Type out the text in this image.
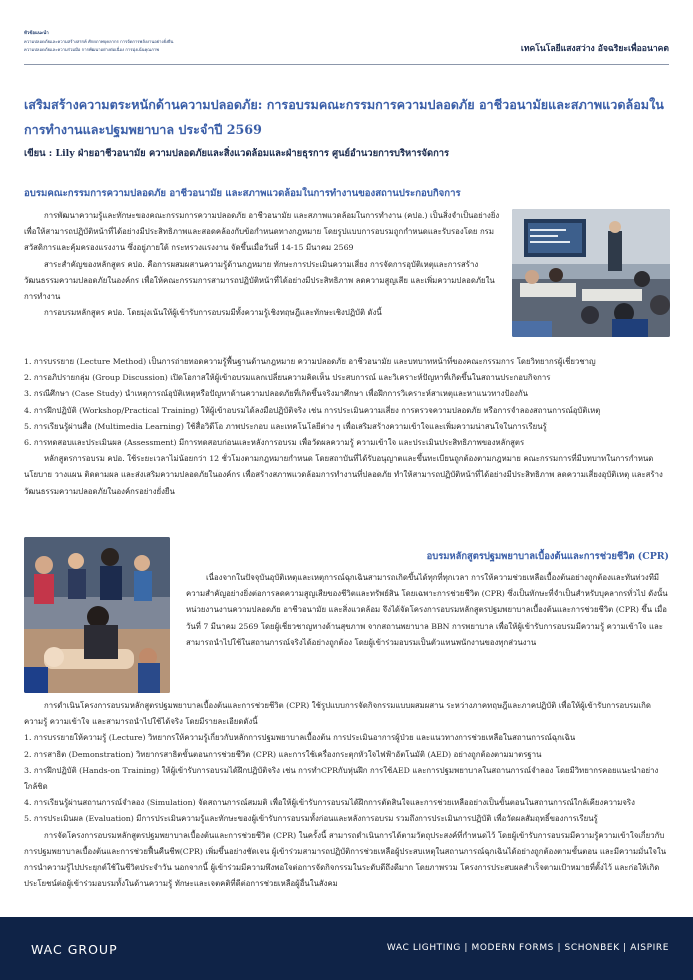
หัวข้อแนะนำ
ความปลอดภัยและความสร้างสรรค์ ศักยภาพบุคลากร การจัดการพลังงานอย่างยั่งยืน
ความปลอดภัยและความร่วมมือ การพัฒนาอย่างต่อเนื่อง การมุ่งเน้นคุณภาพ	เทคโนโลยีแสงสว่าง อัจฉริยะเพื่ออนาคต
เสริมสร้างความตระหนักด้านความปลอดภัย: การอบรมคณะกรรมการความปลอดภัย อาชีวอนามัยและสภาพแวดล้อมในการทำงานและปฐมพยาบาล ประจำปี 2569
เขียน : Lily ฝ่ายอาชีวอนามัย ความปลอดภัยและสิ่งแวดล้อมและฝ่ายธุรการ ศูนย์อำนวยการบริหารจัดการ
อบรมคณะกรรมการความปลอดภัย อาชีวอนามัย และสภาพแวดล้อมในการทำงานของสถานประกอบกิจการ

การพัฒนาความรู้และทักษะของคณะกรรมการความปลอดภัย อาชีวอนามัย และสภาพแวดล้อมในการทำงาน (คปอ.) เป็นสิ่งจำเป็นอย่างยิ่ง เพื่อให้สามารถปฏิบัติหน้าที่ได้อย่างมีประสิทธิภาพและสอดคล้องกับข้อกำหนดทางกฎหมาย โดยรูปแบบการอบรมถูกกำหนดและรับรองโดย กรมสวัสดิการและคุ้มครองแรงงาน ซึ่งอยู่ภายใต้ กระทรวงแรงงาน จัดขึ้นเมื่อวันที่ 14-15 มีนาคม 2569

สาระสำคัญของหลักสูตร คปอ. คือการผสมผสานความรู้ด้านกฎหมาย ทักษะการประเมินความเสี่ยง การจัดการอุบัติเหตุและการสร้างวัฒนธรรมความปลอดภัยในองค์กร เพื่อให้คณะกรรมการสามารถปฏิบัติหน้าที่ได้อย่างมีประสิทธิภาพ ลดความสูญเสีย และเพิ่มความปลอดภัยในการทำงาน

การอบรมหลักสูตร คปอ. โดยมุ่งเน้นให้ผู้เข้ารับการอบรมมีทั้งความรู้เชิงทฤษฎีและทักษะเชิงปฏิบัติ ดังนี้

1. การบรรยาย (Lecture Method) เป็นการถ่ายทอดความรู้พื้นฐานด้านกฎหมาย ความปลอดภัย อาชีวอนามัย และบทบาทหน้าที่ของคณะกรรมการ โดยวิทยากรผู้เชี่ยวชาญ

2. การอภิปรายกลุ่ม (Group Discussion) เปิดโอกาสให้ผู้เข้าอบรมแลกเปลี่ยนความคิดเห็น ประสบการณ์ และวิเคราะห์ปัญหาที่เกิดขึ้นในสถานประกอบกิจการ

3. กรณีศึกษา (Case Study) นำเหตุการณ์อุบัติเหตุหรือปัญหาด้านความปลอดภัยที่เกิดขึ้นจริงมาศึกษา เพื่อฝึกการวิเคราะห์สาเหตุและหาแนวทางป้องกัน

4. การฝึกปฏิบัติ (Workshop/Practical Training) ให้ผู้เข้าอบรมได้ลงมือปฏิบัติจริง เช่น การประเมินความเสี่ยง การตรวจความปลอดภัย หรือการจำลองสถานการณ์อุบัติเหตุ

5. การเรียนรู้ผ่านสื่อ (Multimedia Learning) ใช้สื่อวิดีโอ ภาพประกอบ และเทคโนโลยีต่าง ๆ เพื่อเสริมสร้างความเข้าใจและเพิ่มความน่าสนใจในการเรียนรู้

6. การทดสอบและประเมินผล (Assessment) มีการทดสอบก่อนและหลังการอบรม เพื่อวัดผลความรู้ ความเข้าใจ และประเมินประสิทธิภาพของหลักสูตร

หลักสูตรการอบรม คปอ. ใช้ระยะเวลาไม่น้อยกว่า 12 ชั่วโมงตามกฎหมายกำหนด โดยสถาบันที่ได้รับอนุญาตและขึ้นทะเบียนถูกต้องตามกฎหมาย คณะกรรมการที่มีบทบาทในการกำหนดนโยบาย วางแผน ติดตามผล และส่งเสริมความปลอดภัยในองค์กร เพื่อสร้างสภาพแวดล้อมการทำงานที่ปลอดภัย ทำให้สามารถปฏิบัติหน้าที่ได้อย่างมีประสิทธิภาพ ลดความเสี่ยงอุบัติเหตุ และสร้างวัฒนธรรมความปลอดภัยในองค์กรอย่างยั่งยืน

อบรมหลักสูตรปฐมพยาบาลเบื้องต้นและการช่วยชีวิต (CPR)

เนื่องจากในปัจจุบันอุบัติเหตุและเหตุการณ์ฉุกเฉินสามารถเกิดขึ้นได้ทุกที่ทุกเวลา การให้ความช่วยเหลือเบื้องต้นอย่างถูกต้องและทันท่วงทีมีความสำคัญอย่างยิ่งต่อการลดความสูญเสียของชีวิตและทรัพย์สิน โดยเฉพาะการช่วยชีวิต (CPR) ซึ่งเป็นทักษะที่จำเป็นสำหรับบุคลากรทั่วไป ดังนั้น หน่วยงานงานความปลอดภัย อาชีวอนามัย และสิ่งแวดล้อม จึงได้จัดโครงการอบรมหลักสูตรปฐมพยาบาลเบื้องต้นและการช่วยชีวิต (CPR) ขึ้น เมื่อวันที่ 7 มีนาคม 2569 โดยผู้เชี่ยวชาญทางด้านสุขภาพ จากสถานพยาบาล BBN การพยาบาล เพื่อให้ผู้เข้ารับการอบรมมีความรู้ ความเข้าใจ และสามารถนำไปใช้ในสถานการณ์จริงได้อย่างถูกต้อง โดยผู้เข้าร่วมอบรมเป็นตัวแทนพนักงานของทุกส่วนงาน

การดำเนินโครงการอบรมหลักสูตรปฐมพยาบาลเบื้องต้นและการช่วยชีวิต (CPR) ใช้รูปแบบการจัดกิจกรรมแบบผสมผสาน ระหว่างภาคทฤษฎีและภาคปฏิบัติ เพื่อให้ผู้เข้ารับการอบรมเกิดความรู้ ความเข้าใจ และสามารถนำไปใช้ได้จริง โดยมีรายละเอียดดังนี้

1. การบรรยายให้ความรู้ (Lecture) วิทยากรให้ความรู้เกี่ยวกับหลักการปฐมพยาบาลเบื้องต้น การประเมินอาการผู้ป่วย และแนวทางการช่วยเหลือในสถานการณ์ฉุกเฉิน

2. การสาธิต (Demonstration) วิทยากรสาธิตขั้นตอนการช่วยชีวิต (CPR) และการใช้เครื่องกระตุกหัวใจไฟฟ้าอัตโนมัติ (AED) อย่างถูกต้องตามมาตรฐาน

3. การฝึกปฏิบัติ (Hands-on Training) ให้ผู้เข้ารับการอบรมได้ฝึกปฏิบัติจริง เช่น การทำCPRกับหุ่นฝึก การใช้AED และการปฐมพยาบาลในสถานการณ์จำลอง โดยมีวิทยากรคอยแนะนำอย่างใกล้ชิด

4. การเรียนรู้ผ่านสถานการณ์จำลอง (Simulation) จัดสถานการณ์สมมติ เพื่อให้ผู้เข้ารับการอบรมได้ฝึกการตัดสินใจและการช่วยเหลืออย่างเป็นขั้นตอนในสถานการณ์ใกล้เคียงความจริง

5. การประเมินผล (Evaluation) มีการประเมินความรู้และทักษะของผู้เข้ารับการอบรมทั้งก่อนและหลังการอบรม รวมถึงการประเมินการปฏิบัติ เพื่อวัดผลสัมฤทธิ์ของการเรียนรู้

การจัดโครงการอบรมหลักสูตรปฐมพยาบาลเบื้องต้นและการช่วยชีวิต (CPR) ในครั้งนี้ สามารถดำเนินการได้ตามวัตถุประสงค์ที่กำหนดไว้ โดยผู้เข้ารับการอบรมมีความรู้ความเข้าใจเกี่ยวกับการปฐมพยาบาลเบื้องต้นและการช่วยฟื้นคืนชีพ(CPR) เพิ่มขึ้นอย่างชัดเจน ผู้เข้าร่วมสามารถปฏิบัติการช่วยเหลือผู้ประสบเหตุในสถานการณ์ฉุกเฉินได้อย่างถูกต้องตามขั้นตอน และมีความมั่นใจในการนำความรู้ไปประยุกต์ใช้ในชีวิตประจำวัน นอกจากนี้ ผู้เข้าร่วมมีความพึงพอใจต่อการจัดกิจกรรมในระดับดีถึงดีมาก โดยภาพรวม โครงการประสบผลสำเร็จตามเป้าหมายที่ตั้งไว้ และก่อให้เกิดประโยชน์ต่อผู้เข้าร่วมอบรมทั้งในด้านความรู้ ทักษะและเจตคติที่ดีต่อการช่วยเหลือผู้อื่นในสังคม

WAC GROUP	WAC LIGHTING | MODERN FORMS | SCHONBEK | AISPIRE
